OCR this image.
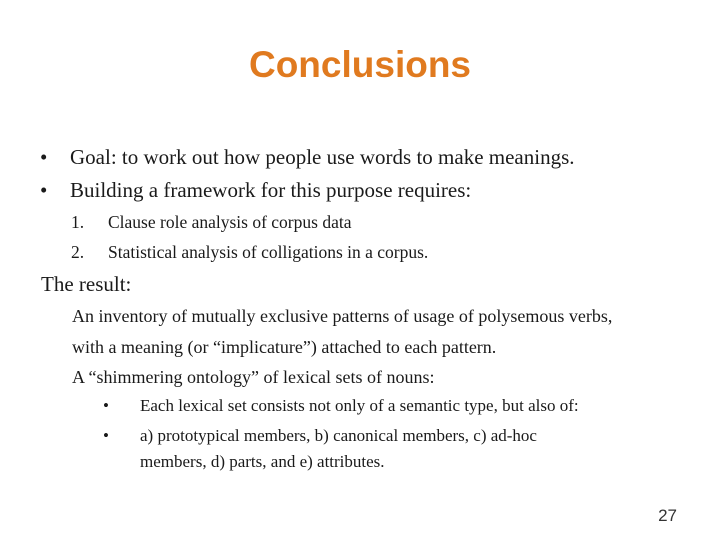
Conclusions
• Goal: to work out how people use words to make meanings.
• Building a framework for this purpose requires:
1. Clause role analysis of corpus data
2. Statistical analysis of colligations in a corpus.
The result:
An inventory of mutually exclusive patterns of usage of polysemous verbs,
with a meaning (or “implicature”) attached to each pattern.
A “shimmering ontology” of lexical sets of nouns:
• Each lexical set consists not only of a semantic type, but also of:
• a) prototypical members, b) canonical members, c) ad-hoc
members, d) parts, and e) attributes.
27
